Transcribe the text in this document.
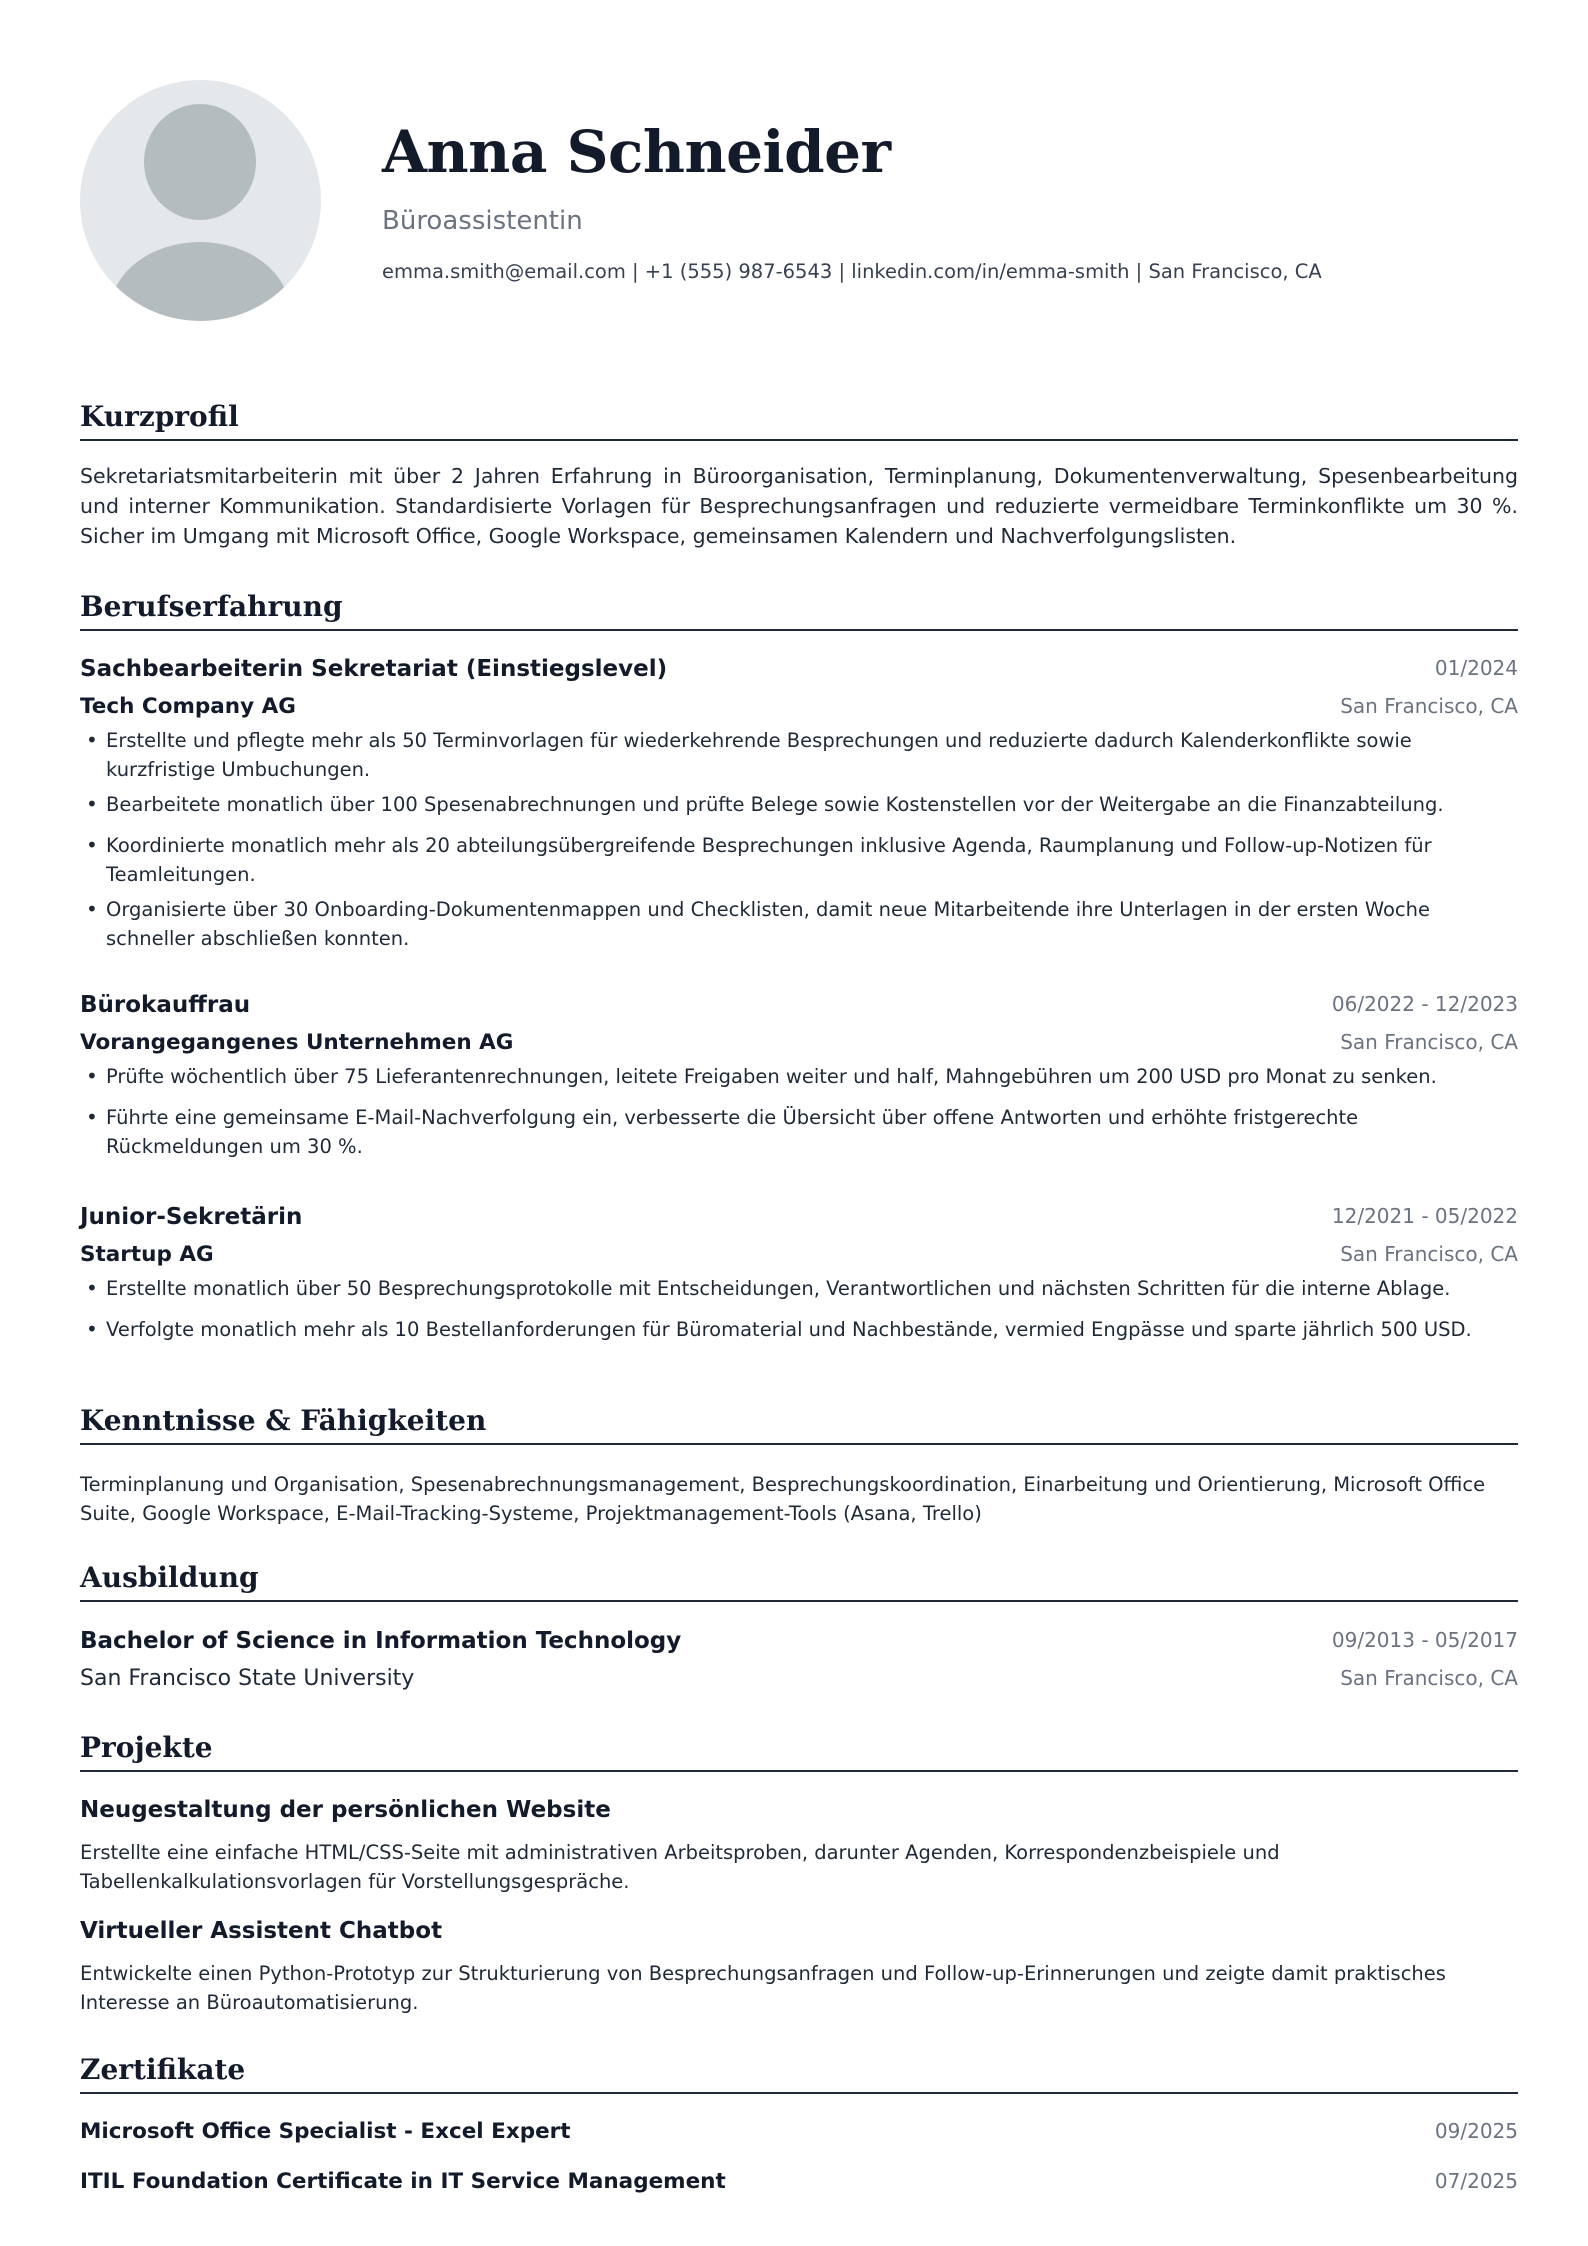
Anna Schneider
Büroassistentin
emma.smith@email.com | +1 (555) 987-6543 | linkedin.com/in/emma-smith | San Francisco, CA
Kurzprofil
Sekretariatsmitarbeiterin mit über 2 Jahren Erfahrung in Büroorganisation, Terminplanung, Dokumentenverwaltung, Spesenbearbeitung und interner Kommunikation. Standardisierte Vorlagen für Besprechungsanfragen und reduzierte vermeidbare Terminkonflikte um 30 %. Sicher im Umgang mit Microsoft Office, Google Workspace, gemeinsamen Kalendern und Nachverfolgungslisten.
Berufserfahrung
Sachbearbeiterin Sekretariat (Einstiegslevel)	01/2024
Tech Company AG	San Francisco, CA
• Erstellte und pflegte mehr als 50 Terminvorlagen für wiederkehrende Besprechungen und reduzierte dadurch Kalenderkonflikte sowie kurzfristige Umbuchungen.
• Bearbeitete monatlich über 100 Spesenabrechnungen und prüfte Belege sowie Kostenstellen vor der Weitergabe an die Finanzabteilung.
• Koordinierte monatlich mehr als 20 abteilungsübergreifende Besprechungen inklusive Agenda, Raumplanung und Follow-up-Notizen für Teamleitungen.
• Organisierte über 30 Onboarding-Dokumentenmappen und Checklisten, damit neue Mitarbeitende ihre Unterlagen in der ersten Woche schneller abschließen konnten.
Bürokauffrau	06/2022 - 12/2023
Vorangegangenes Unternehmen AG	San Francisco, CA
• Prüfte wöchentlich über 75 Lieferantenrechnungen, leitete Freigaben weiter und half, Mahngebühren um 200 USD pro Monat zu senken.
• Führte eine gemeinsame E-Mail-Nachverfolgung ein, verbesserte die Übersicht über offene Antworten und erhöhte fristgerechte Rückmeldungen um 30 %.
Junior-Sekretärin	12/2021 - 05/2022
Startup AG	San Francisco, CA
• Erstellte monatlich über 50 Besprechungsprotokolle mit Entscheidungen, Verantwortlichen und nächsten Schritten für die interne Ablage.
• Verfolgte monatlich mehr als 10 Bestellanforderungen für Büromaterial und Nachbestände, vermied Engpässe und sparte jährlich 500 USD.
Kenntnisse & Fähigkeiten
Terminplanung und Organisation, Spesenabrechnungsmanagement, Besprechungskoordination, Einarbeitung und Orientierung, Microsoft Office Suite, Google Workspace, E-Mail-Tracking-Systeme, Projektmanagement-Tools (Asana, Trello)
Ausbildung
Bachelor of Science in Information Technology	09/2013 - 05/2017
San Francisco State University	San Francisco, CA
Projekte
Neugestaltung der persönlichen Website
Erstellte eine einfache HTML/CSS-Seite mit administrativen Arbeitsproben, darunter Agenden, Korrespondenzbeispiele und Tabellenkalkulationsvorlagen für Vorstellungsgespräche.
Virtueller Assistent Chatbot
Entwickelte einen Python-Prototyp zur Strukturierung von Besprechungsanfragen und Follow-up-Erinnerungen und zeigte damit praktisches Interesse an Büroautomatisierung.
Zertifikate
Microsoft Office Specialist - Excel Expert	09/2025
ITIL Foundation Certificate in IT Service Management	07/2025
